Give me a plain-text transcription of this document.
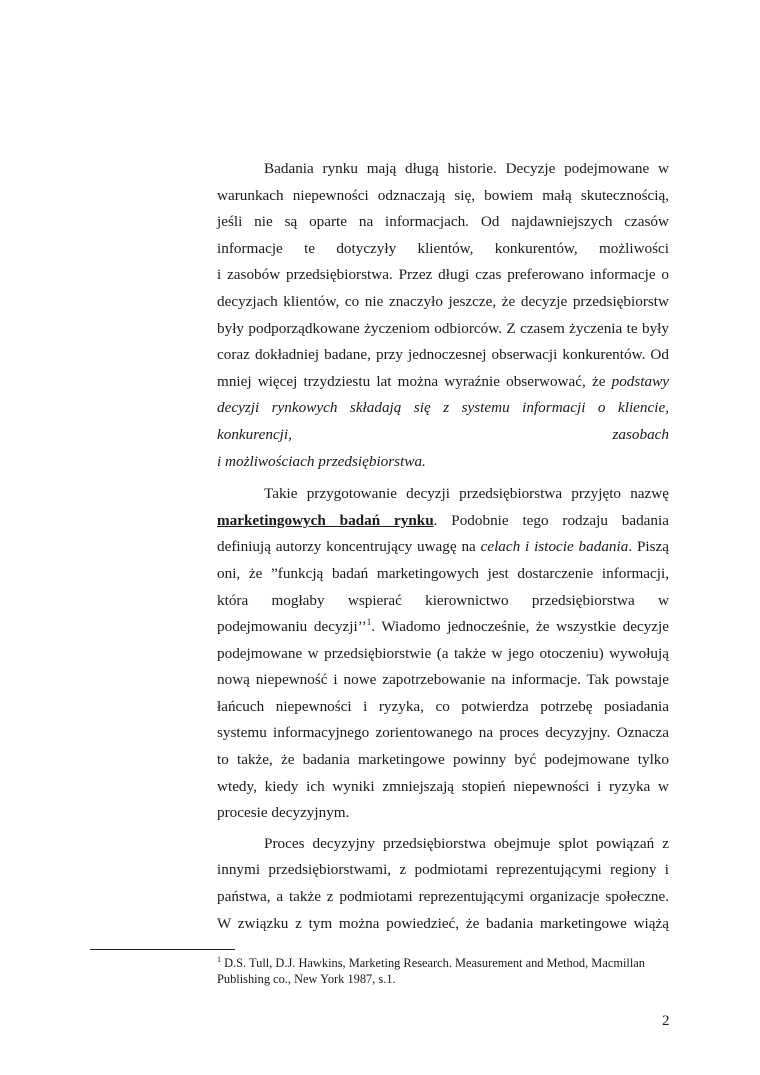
Badania rynku mają długą historie. Decyzje podejmowane w
warunkach niepewności odznaczają się, bowiem małą skutecznością,
jeśli nie są oparte na informacjach. Od najdawniejszych czasów
informacje te dotyczyły klientów, konkurentów, możliwości
i zasobów przedsiębiorstwa. Przez długi czas preferowano informacje o
decyzjach klientów, co nie znaczyło jeszcze, że decyzje przedsiębiorstw
były podporządkowane życzeniom odbiorców. Z czasem życzenia te były
coraz dokładniej badane, przy jednoczesnej obserwacji konkurentów. Od
mniej więcej trzydziestu lat można wyraźnie obserwować, że podstawy
decyzji rynkowych składają się z systemu informacji o kliencie,
konkurencji, zasobach
i możliwościach przedsiębiorstwa.

Takie przygotowanie decyzji przedsiębiorstwa przyjęto nazwę
marketingowych badań rynku. Podobnie tego rodzaju badania
definiują autorzy koncentrujący uwagę na celach i istocie badania. Piszą
oni, że ”funkcją badań marketingowych jest dostarczenie informacji,
która mogłaby wspierać kierownictwo przedsiębiorstwa w
podejmowaniu decyzji’’$^1$. Wiadomo jednocześnie, że wszystkie decyzje
podejmowane w przedsiębiorstwie (a także w jego otoczeniu) wywołują
nową niepewność i nowe zapotrzebowanie na informacje. Tak powstaje
łańcuch niepewności i ryzyka, co potwierdza potrzebę posiadania
systemu informacyjnego zorientowanego na proces decyzyjny. Oznacza
to także, że badania marketingowe powinny być podejmowane tylko
wtedy, kiedy ich wyniki zmniejszają stopień niepewności i ryzyka w
procesie decyzyjnym.

Proces decyzyjny przedsiębiorstwa obejmuje splot powiązań z
innymi przedsiębiorstwami, z podmiotami reprezentującymi regiony i
państwa, a także z podmiotami reprezentującymi organizacje społeczne.
W związku z tym można powiedzieć, że badania marketingowe wiążą

$^1$ D.S. Tull, D.J. Hawkins, Marketing Research. Measurement and Method, Macmillan Publishing co., New York 1987, s.1.
2
